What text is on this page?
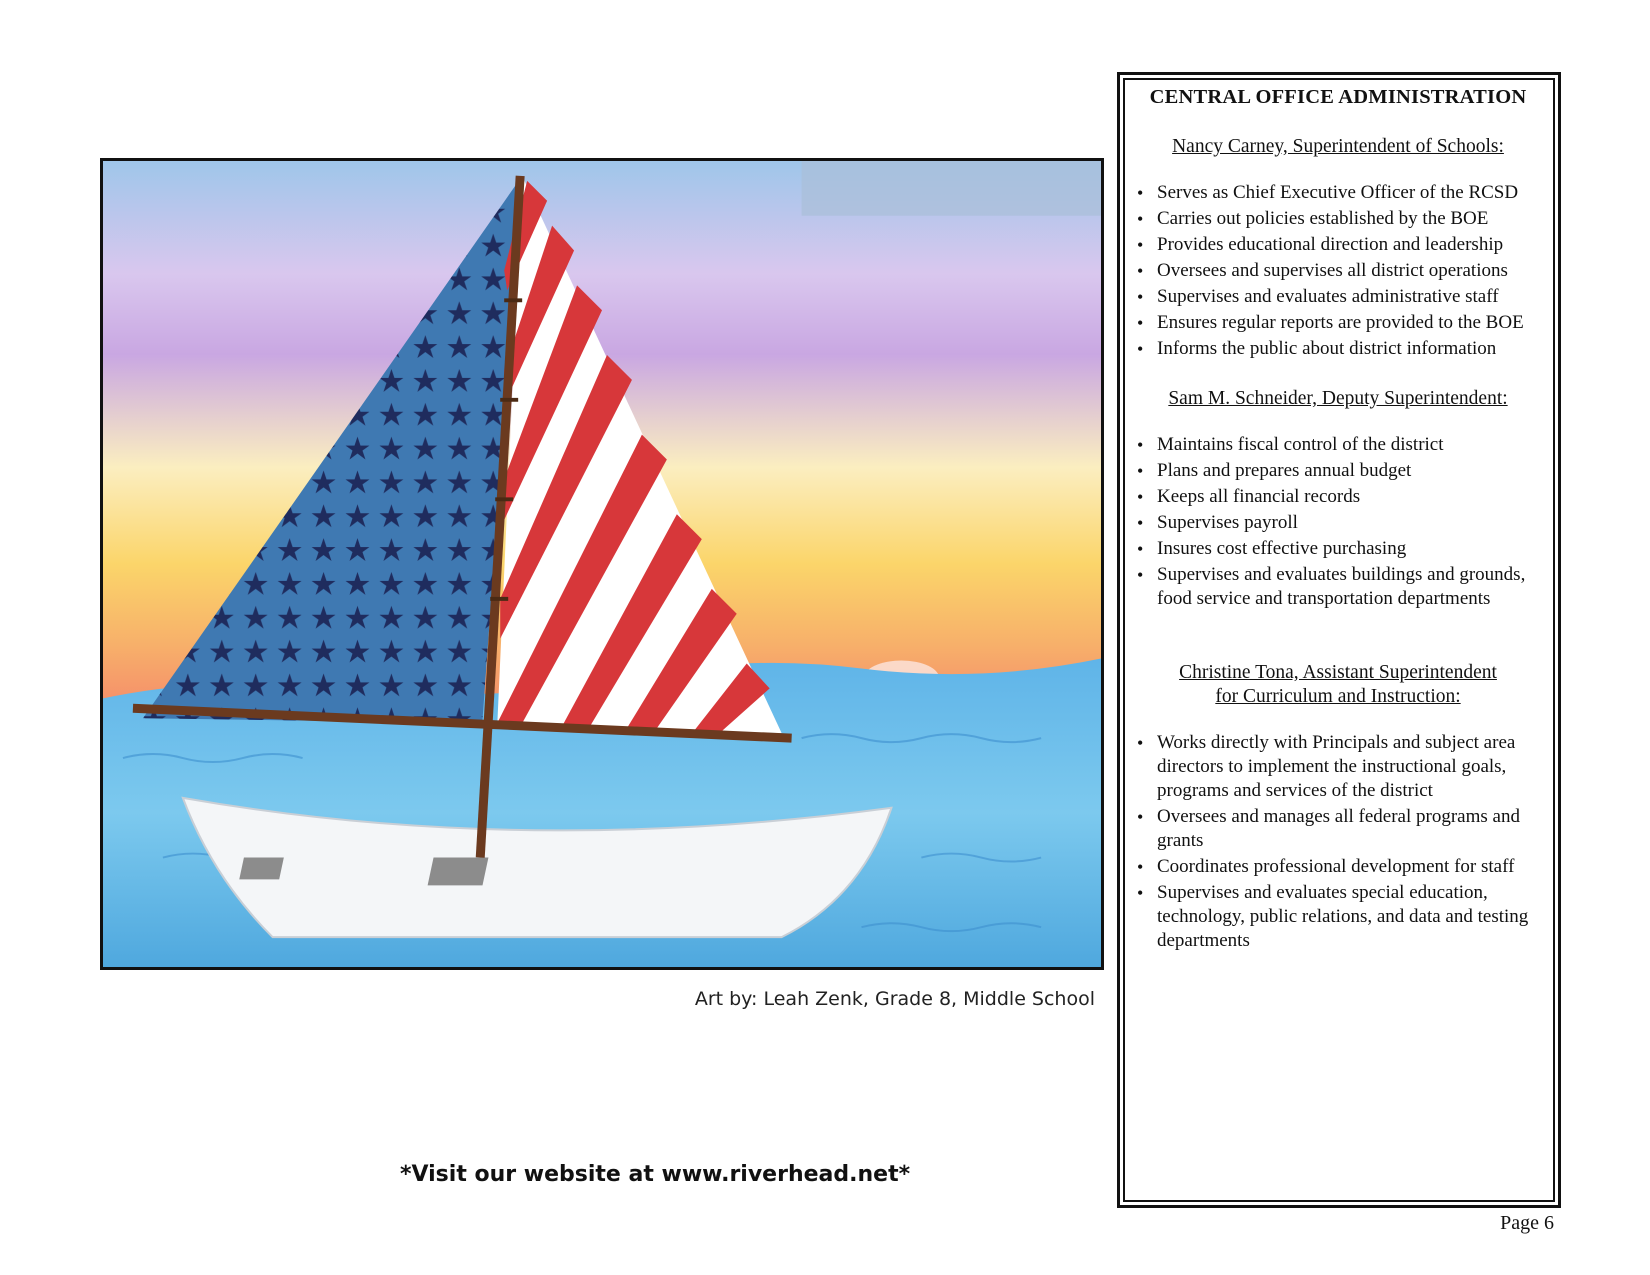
Art by: Leah Zenk, Grade 8, Middle School
*Visit our website at www.riverhead.net*
Page 6
CENTRAL OFFICE ADMINISTRATION
Nancy Carney, Superintendent of Schools:
• Serves as Chief Executive Officer of the RCSD
• Carries out policies established by the BOE
• Provides educational direction and leadership
• Oversees and supervises all district operations
• Supervises and evaluates administrative staff
• Ensures regular reports are provided to the BOE
• Informs the public about district information
Sam M. Schneider, Deputy Superintendent:
• Maintains fiscal control of the district
• Plans and prepares annual budget
• Keeps all financial records
• Supervises payroll
• Insures cost effective purchasing
• Supervises and evaluates buildings and grounds, food service and transportation departments
Christine Tona, Assistant Superintendent
for Curriculum and Instruction:
• Works directly with Principals and subject area directors to implement the instructional goals, programs and services of the district
• Oversees and manages all federal programs and grants
• Coordinates professional development for staff
• Supervises and evaluates special education, technology, public relations, and data and testing departments
